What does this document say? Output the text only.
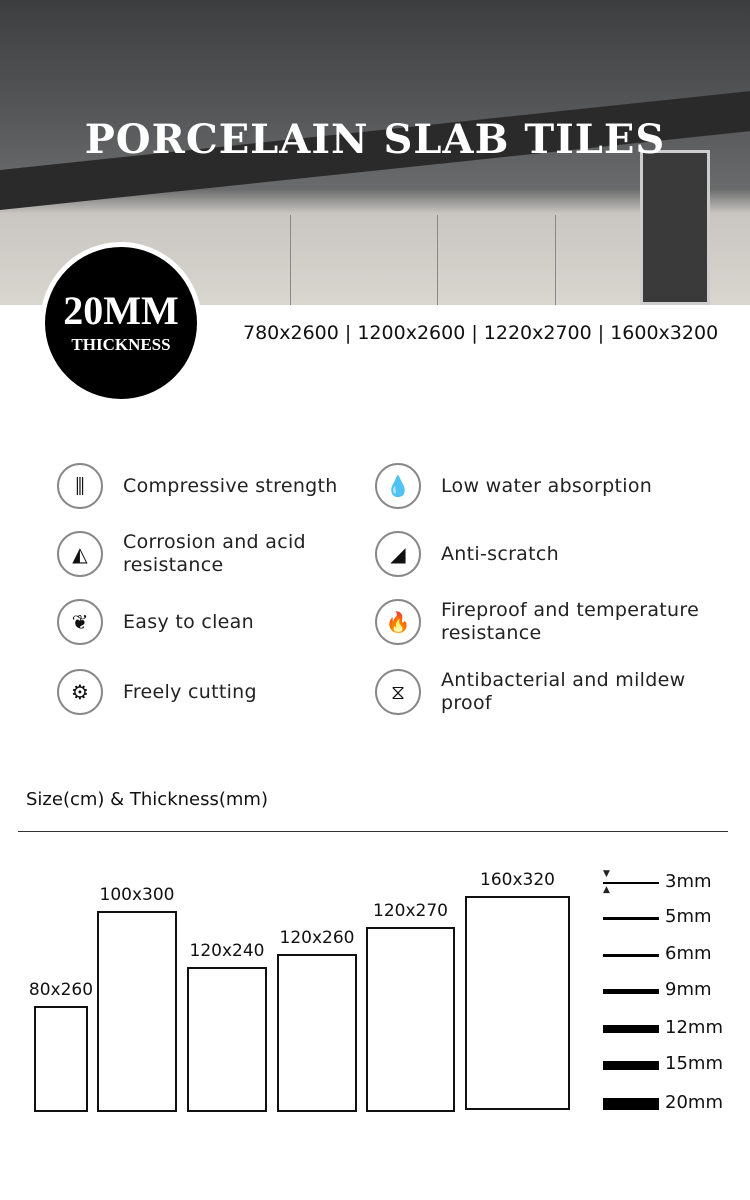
PORCELAIN SLAB TILES
20MM
THICKNESS
780x2600 | 1200x2600 | 1220x2700 | 1600x3200
⫼	Compressive strength	💧	Low water absorption
◭	Corrosion and acid resistance	◢	Anti-scratch
❦	Easy to clean	🔥	Fireproof and temperature resistance
⚙	Freely cutting	⧖	Antibacterial and mildew proof
Size(cm) & Thickness(mm)
80x260
100x300
120x240
120x260
120x270
160x320	3mm
5mm
6mm
9mm
12mm
15mm
20mm
▼
▲
